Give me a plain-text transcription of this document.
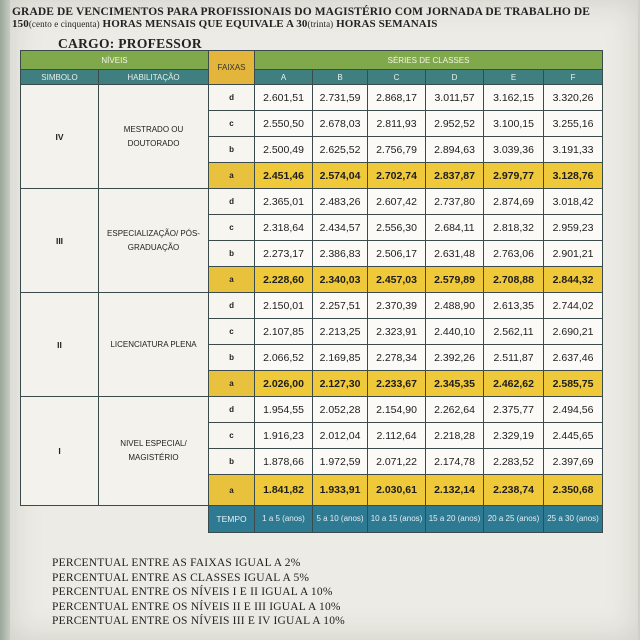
GRADE DE VENCIMENTOS PARA PROFISSIONAIS DO MAGISTÉRIO COM JORNADA DE TRABALHO DE
150(cento e cinquenta) HORAS MENSAIS QUE EQUIVALE A 30(trinta) HORAS SEMANAIS
CARGO: PROFESSOR
NÍVEIS		FAIXAS	SÉRIES DE CLASSES					
SIMBOLO	HABILITAÇÃO		A	B	C	D	E	F
IV	MESTRADO OU DOUTORADO	d	2.601,51	2.731,59	2.868,17	3.011,57	3.162,15	3.320,26
		c	2.550,50	2.678,03	2.811,93	2.952,52	3.100,15	3.255,16
		b	2.500,49	2.625,52	2.756,79	2.894,63	3.039,36	3.191,33
		a	2.451,46	2.574,04	2.702,74	2.837,87	2.979,77	3.128,76
III	ESPECIALIZAÇÃO/ PÓS-GRADUAÇÃO	d	2.365,01	2.483,26	2.607,42	2.737,80	2.874,69	3.018,42
		c	2.318,64	2.434,57	2.556,30	2.684,11	2.818,32	2.959,23
		b	2.273,17	2.386,83	2.506,17	2.631,48	2.763,06	2.901,21
		a	2.228,60	2.340,03	2.457,03	2.579,89	2.708,88	2.844,32
II	LICENCIATURA PLENA	d	2.150,01	2.257,51	2.370,39	2.488,90	2.613,35	2.744,02
		c	2.107,85	2.213,25	2.323,91	2.440,10	2.562,11	2.690,21
		b	2.066,52	2.169,85	2.278,34	2.392,26	2.511,87	2.637,46
		a	2.026,00	2.127,30	2.233,67	2.345,35	2.462,62	2.585,75
I	NIVEL ESPECIAL/ MAGISTÉRIO	d	1.954,55	2.052,28	2.154,90	2.262,64	2.375,77	2.494,56
		c	1.916,23	2.012,04	2.112,64	2.218,28	2.329,19	2.445,65
		b	1.878,66	1.972,59	2.071,22	2.174,78	2.283,52	2.397,69
		a	1.841,82	1.933,91	2.030,61	2.132,14	2.238,74	2.350,68
		TEMPO	1 a 5 (anos)	5 a 10 (anos)	10 a 15 (anos)	15 a 20 (anos)	20 a 25 (anos)	25 a 30 (anos)
PERCENTUAL ENTRE AS FAIXAS IGUAL A 2%
PERCENTUAL ENTRE AS CLASSES IGUAL A 5%
PERCENTUAL ENTRE OS NÍVEIS I E II IGUAL A 10%
PERCENTUAL ENTRE OS NÍVEIS II E III IGUAL A 10%
PERCENTUAL ENTRE OS NÍVEIS III E IV IGUAL A 10%
